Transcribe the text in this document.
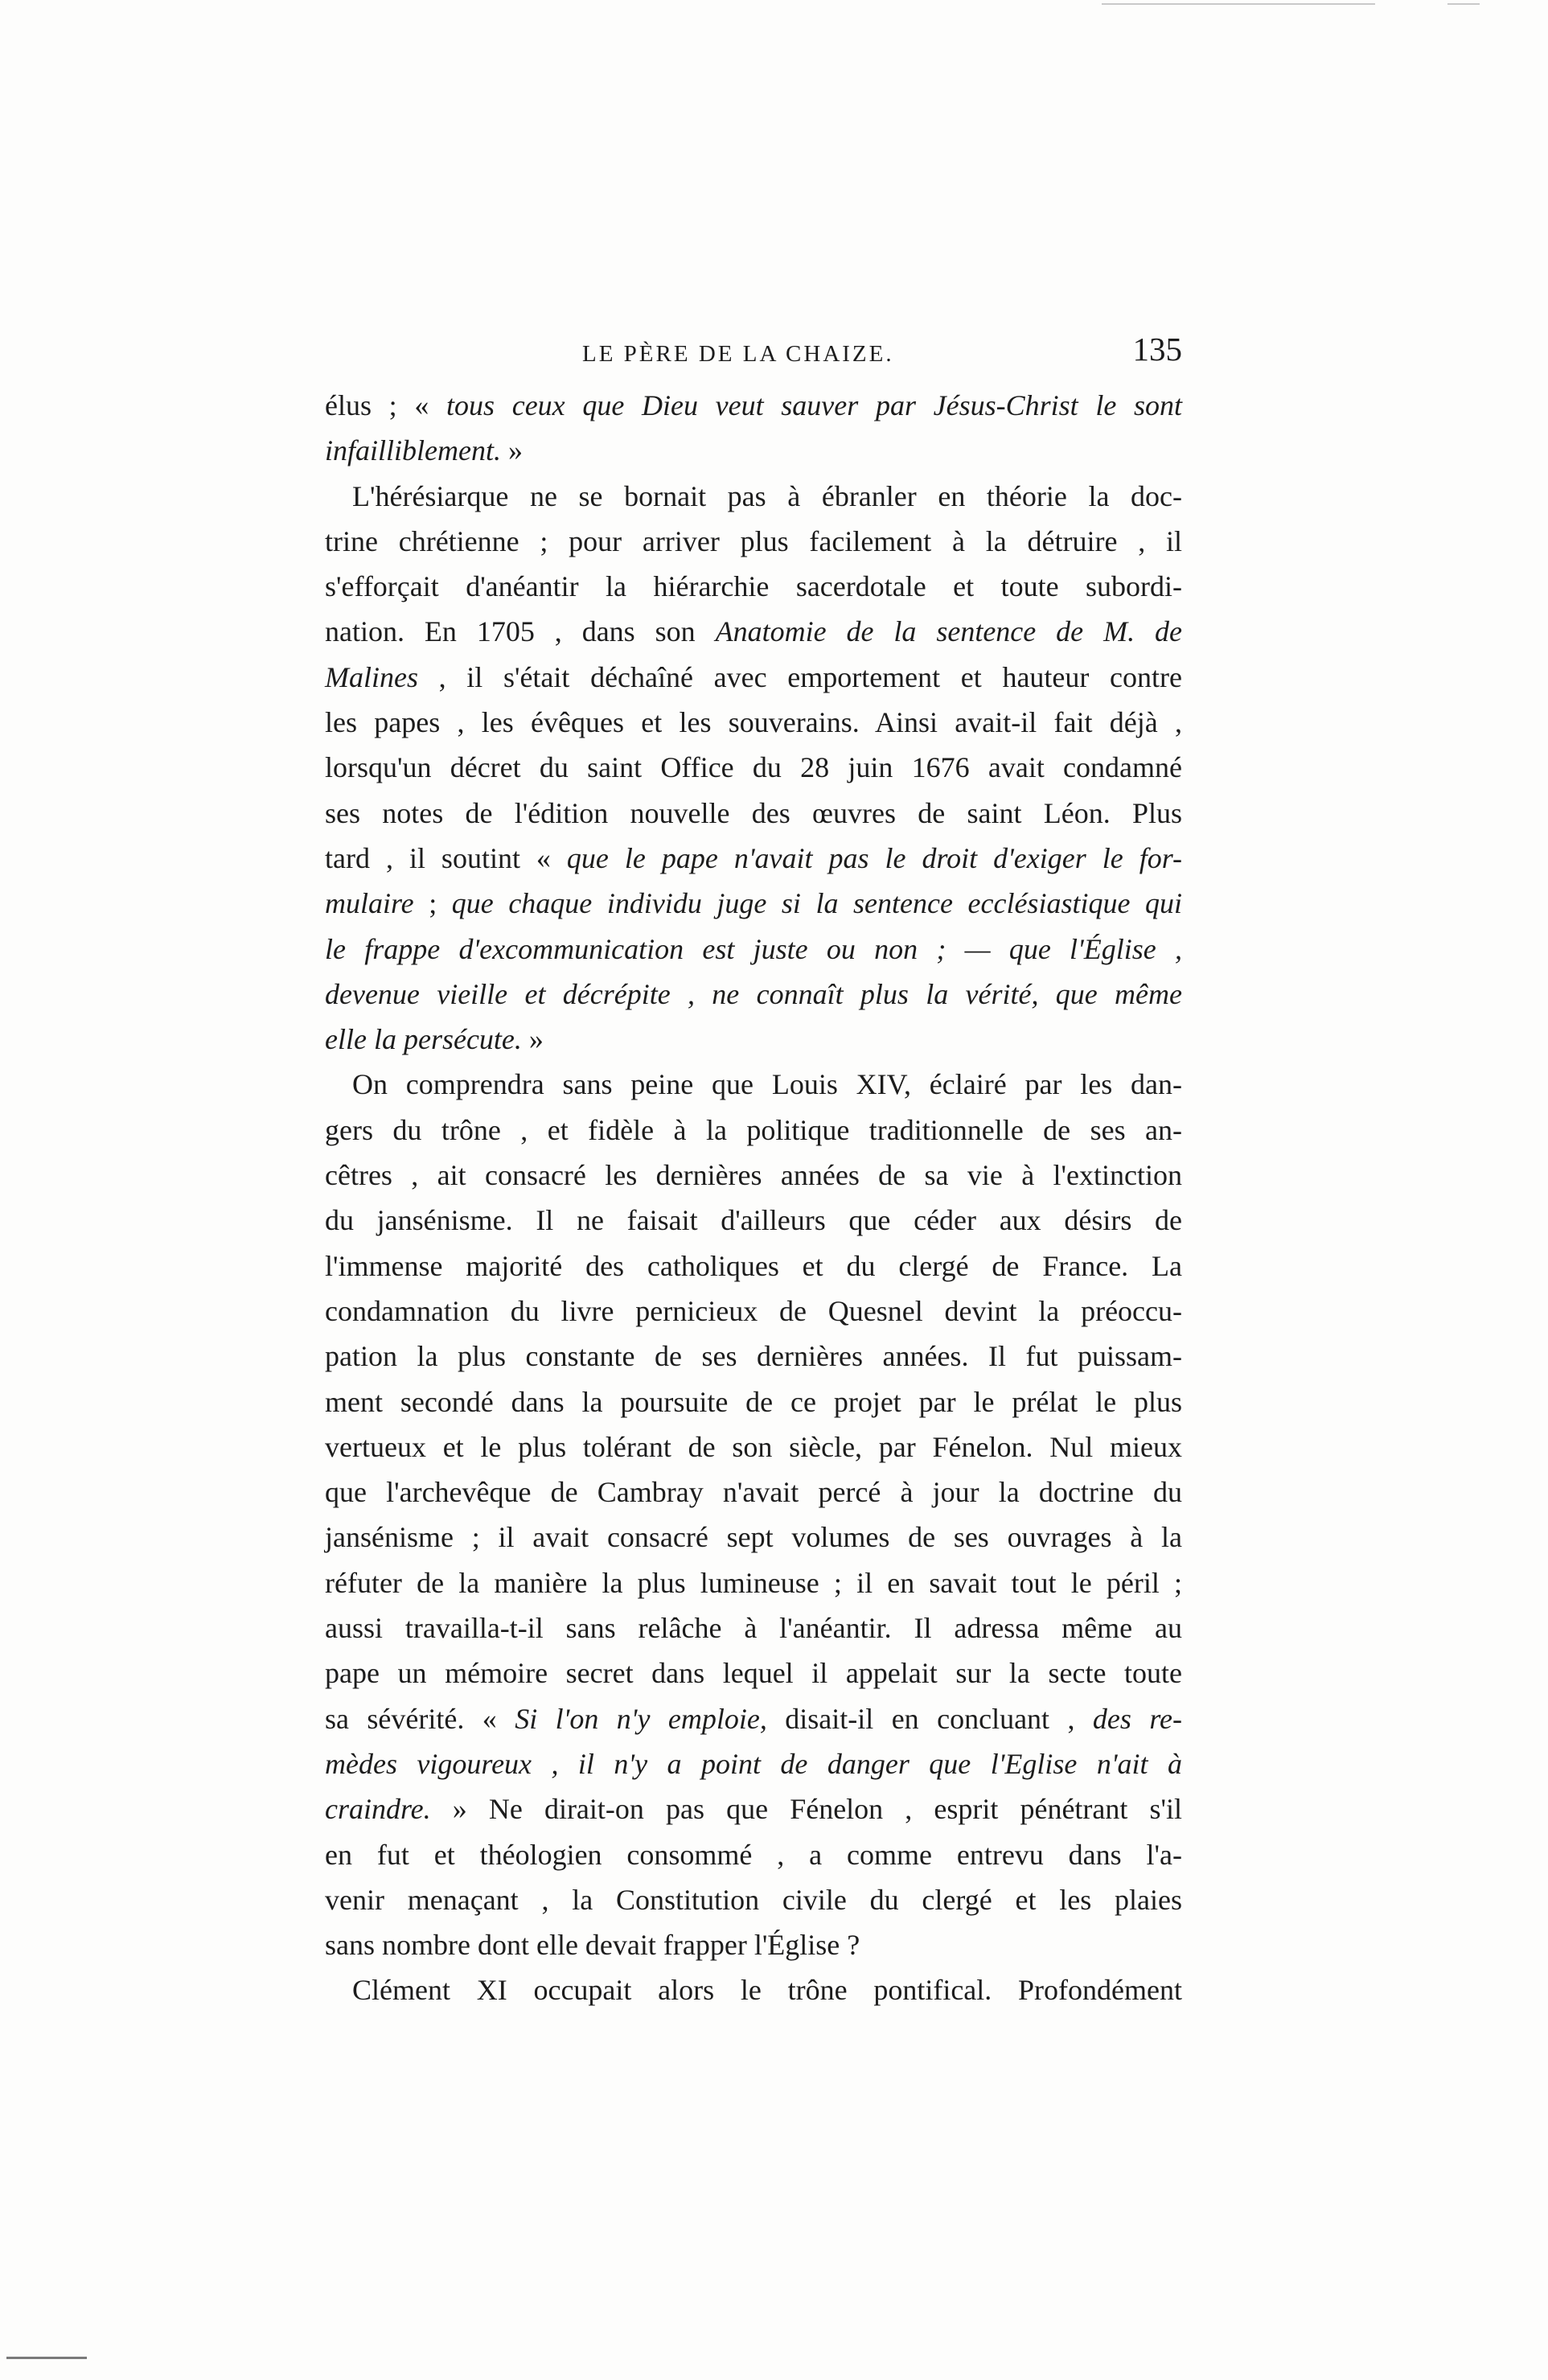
LE PÈRE DE LA CHAIZE.	135
élus ; « tous ceux que Dieu veut sauver par Jésus-Christ le sont
infailliblement. »
L'hérésiarque ne se bornait pas à ébranler en théorie la doc-
trine chrétienne ; pour arriver plus facilement à la détruire , il
s'efforçait d'anéantir la hiérarchie sacerdotale et toute subordi-
nation. En 1705 , dans son Anatomie de la sentence de M. de
Malines , il s'était déchaîné avec emportement et hauteur contre
les papes , les évêques et les souverains. Ainsi avait-il fait déjà ,
lorsqu'un décret du saint Office du 28 juin 1676 avait condamné
ses notes de l'édition nouvelle des œuvres de saint Léon. Plus
tard , il soutint « que le pape n'avait pas le droit d'exiger le for-
mulaire ; que chaque individu juge si la sentence ecclésiastique qui
le frappe d'excommunication est juste ou non ; — que l'Église ,
devenue vieille et décrépite , ne connaît plus la vérité, que même
elle la persécute. »
On comprendra sans peine que Louis XIV, éclairé par les dan-
gers du trône , et fidèle à la politique traditionnelle de ses an-
cêtres , ait consacré les dernières années de sa vie à l'extinction
du jansénisme. Il ne faisait d'ailleurs que céder aux désirs de
l'immense majorité des catholiques et du clergé de France. La
condamnation du livre pernicieux de Quesnel devint la préoccu-
pation la plus constante de ses dernières années. Il fut puissam-
ment secondé dans la poursuite de ce projet par le prélat le plus
vertueux et le plus tolérant de son siècle, par Fénelon. Nul mieux
que l'archevêque de Cambray n'avait percé à jour la doctrine du
jansénisme ; il avait consacré sept volumes de ses ouvrages à la
réfuter de la manière la plus lumineuse ; il en savait tout le péril ;
aussi travailla-t-il sans relâche à l'anéantir. Il adressa même au
pape un mémoire secret dans lequel il appelait sur la secte toute
sa sévérité. « Si l'on n'y emploie, disait-il en concluant , des re-
mèdes vigoureux , il n'y a point de danger que l'Eglise n'ait à
craindre. » Ne dirait-on pas que Fénelon , esprit pénétrant s'il
en fut et théologien consommé , a comme entrevu dans l'a-
venir menaçant , la Constitution civile du clergé et les plaies
sans nombre dont elle devait frapper l'Église ?
Clément XI occupait alors le trône pontifical. Profondément
